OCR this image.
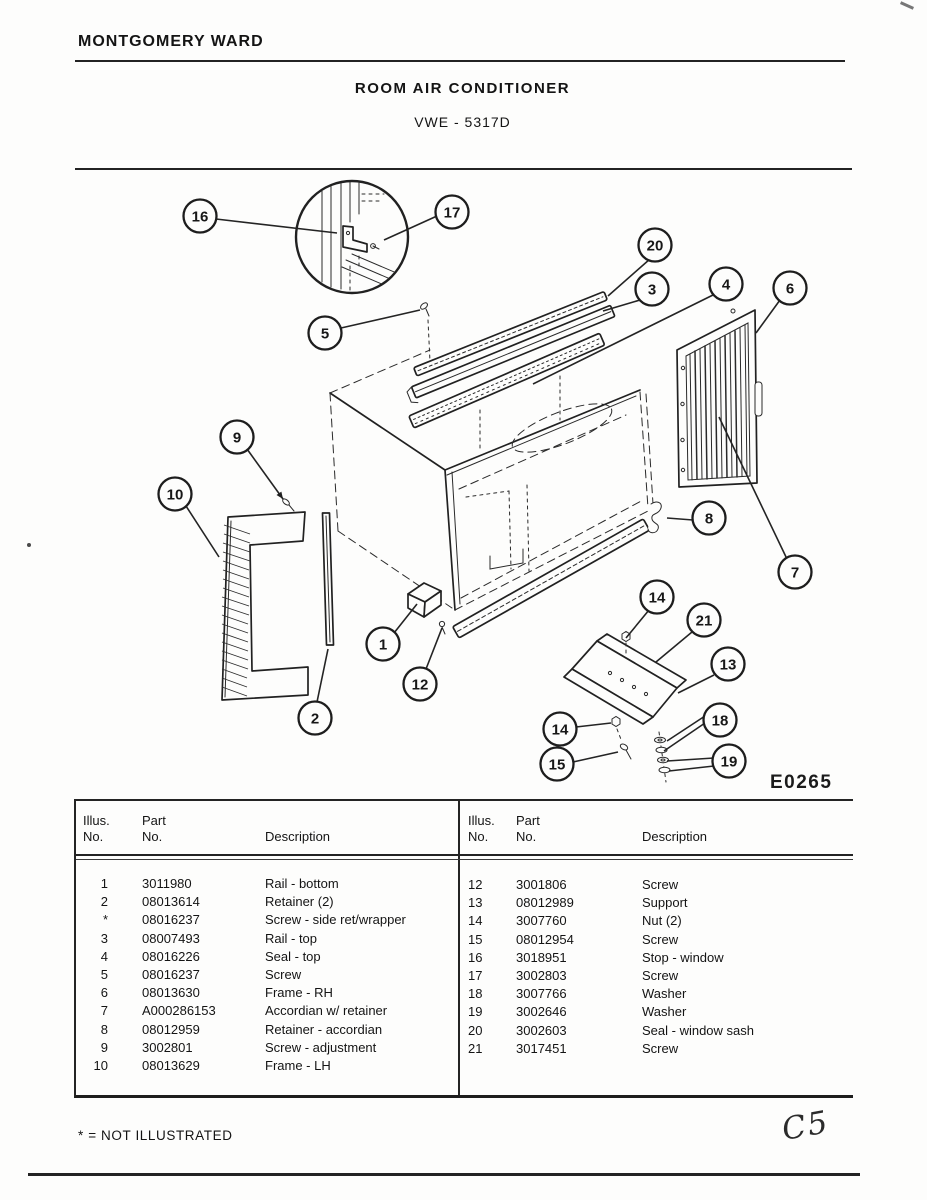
MONTGOMERY WARD
ROOM AIR CONDITIONER
VWE - 5317D
16	17
5
20
3	4	6
9
10
2
1
12
8
7
14
21
13
14
15
18
19
E0265
Illus.
No.
Part
No.	Description
Illus.
No.
Part
No.	Description
1	3011980	Rail - bottom
2	08013614	Retainer (2)
*	08016237	Screw - side ret/wrapper
3	08007493	Rail - top
4	08016226	Seal - top
5	08016237	Screw
6	08013630	Frame - RH
7	A000286153	Accordian w/ retainer
8	08012959	Retainer - accordian
9	3002801	Screw - adjustment
10	08013629	Frame - LH
12	3001806	Screw
13	08012989	Support
14	3007760	Nut (2)
15	08012954	Screw
16	3018951	Stop - window
17	3002803	Screw
18	3007766	Washer
19	3002646	Washer
20	3002603	Seal - window sash
21	3017451	Screw
* = NOT ILLUSTRATED	C5
